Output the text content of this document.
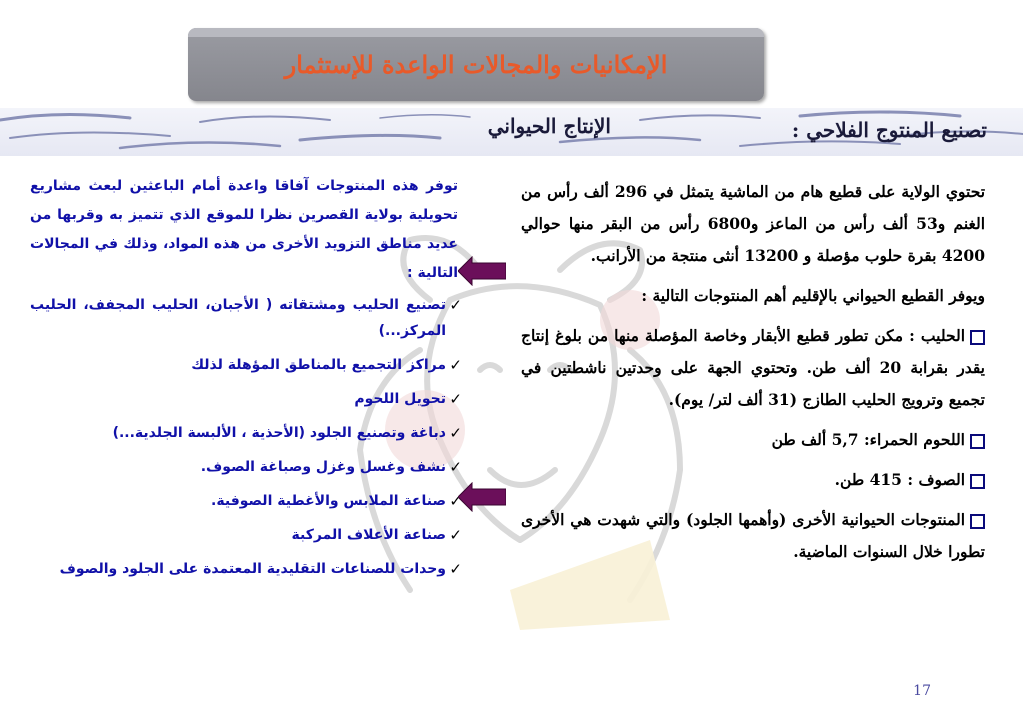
الإمكانيات والمجالات الواعدة للإستثمار
تصنيع المنتوج الفلاحي :
الإنتاج الحيواني

توفر هذه المنتوجات آفاقا واعدة أمام الباعثين لبعث مشاريع تحويلية بولاية القصرين نظرا للموقع الذي تتميز به وقربها من عديد مناطق التزويد الأخرى من هذه المواد، وذلك في المجالات التالية :

✓
تصنيع الحليب ومشتقاته ( الأجبان، الحليب المجفف، الحليب المركز...)
✓
مراكز التجميع بالمناطق المؤهلة لذلك
✓
تحويل اللحوم
✓
دباغة وتصنيع الجلود (الأحذية ، الألبسة الجلدية...)
✓
نشف وغسل وغزل وصباغة الصوف.
✓
صناعة الملابس والأغطية الصوفية.
✓
صناعة الأعلاف المركبة
✓
وحدات للصناعات التقليدية المعتمدة على الجلود والصوف

تحتوي الولاية على قطيع هام من الماشية يتمثل في 296 ألف رأس من الغنم و53 ألف رأس من الماعز و6800 رأس من البقر منها حوالي 4200 بقرة حلوب مؤصلة و 13200 أنثى منتجة من الأرانب.

ويوفر القطيع الحيواني بالإقليم أهم المنتوجات التالية :

الحليب : مكن تطور قطيع الأبقار وخاصة المؤصلة منها من بلوغ إنتاج يقدر بقرابة 20 ألف طن. وتحتوي الجهة على وحدتين ناشطتين في تجميع وترويج الحليب الطازج (31 ألف لتر/ يوم).

اللحوم الحمراء: 5,7 ألف طن

الصوف : 415 طن.

المنتوجات الحيوانية الأخرى (وأهمها الجلود) والتي شهدت هي الأخرى تطورا خلال السنوات الماضية.

17
